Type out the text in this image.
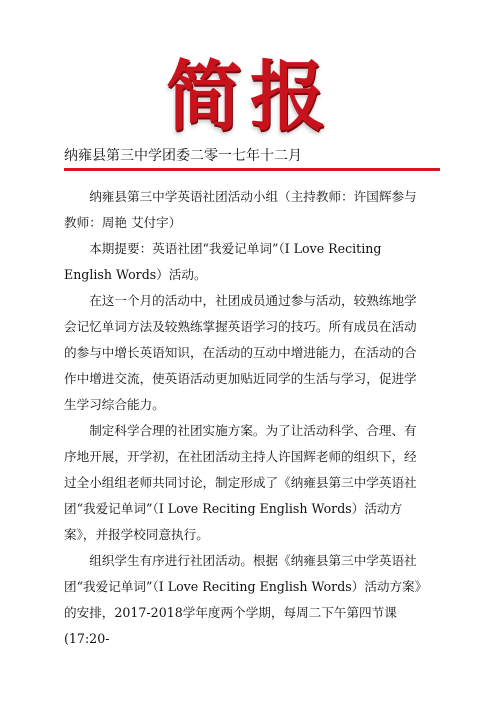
简报
纳雍县第三中学团委二零一七年十二月

纳雍县第三中学英语社团活动小组（主持教师：许国辉参与教师：周艳 艾付宇）

本期提要：英语社团“我爱记单词”（I Love Reciting English Words）活动。

在这一个月的活动中，社团成员通过参与活动，较熟练地学会记忆单词方法及较熟练掌握英语学习的技巧。所有成员在活动的参与中增长英语知识，在活动的互动中增进能力，在活动的合作中增进交流，使英语活动更加贴近同学的生活与学习，促进学生学习综合能力。

制定科学合理的社团实施方案。为了让活动科学、合理、有序地开展，开学初，在社团活动主持人许国辉老师的组织下，经过全小组组老师共同讨论，制定形成了《纳雍县第三中学英语社团“我爱记单词”（I Love Reciting English Words）活动方案》，并报学校同意执行。

组织学生有序进行社团活动。根据《纳雍县第三中学英语社团“我爱记单词”（I Love Reciting English Words）活动方案》的安排，2017-2018学年度两个学期，每周二下午第四节课(17:20-
